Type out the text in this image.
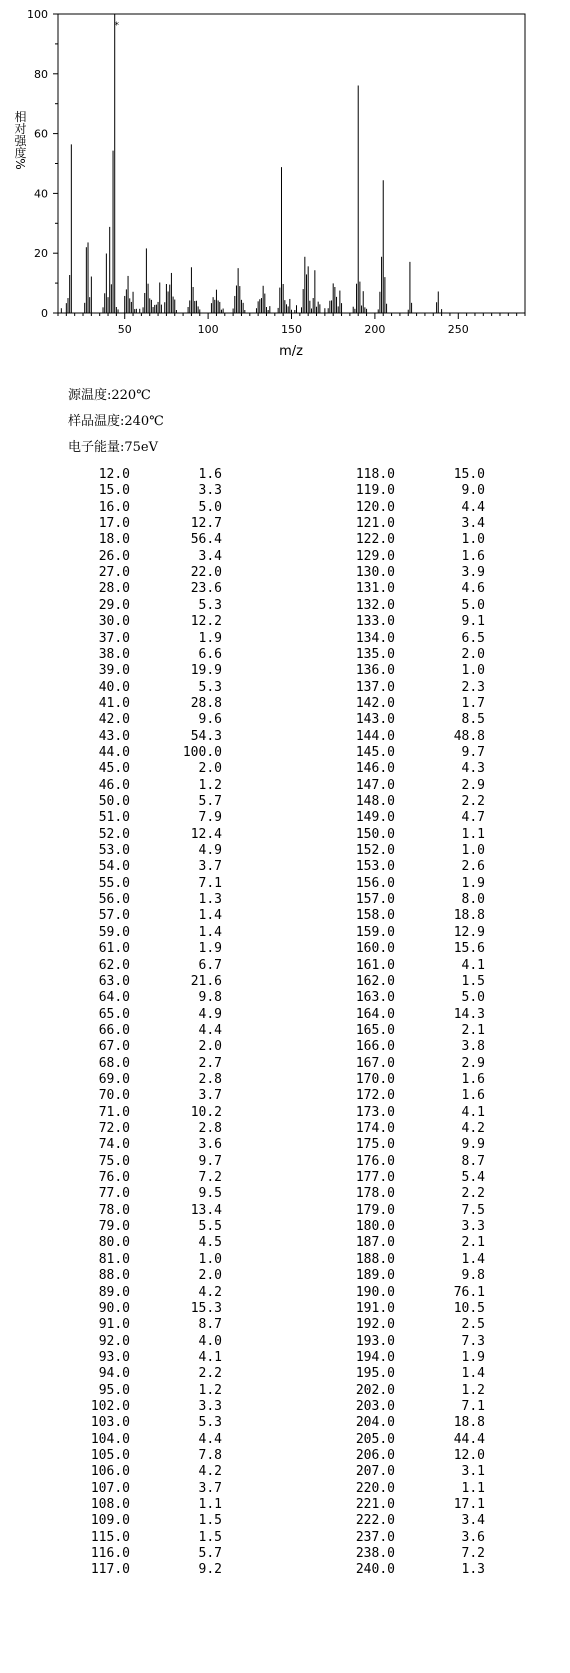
0
20
40
60
80
100
50	100	150	200	250
m/z
相对强度%
*
源温度:220℃
样品温度:240℃
电子能量:75eV
12.0	1.6
15.0	3.3
16.0	5.0
17.0	12.7
18.0	56.4
26.0	3.4
27.0	22.0
28.0	23.6
29.0	5.3
30.0	12.2
37.0	1.9
38.0	6.6
39.0	19.9
40.0	5.3
41.0	28.8
42.0	9.6
43.0	54.3
44.0	100.0
45.0	2.0
46.0	1.2
50.0	5.7
51.0	7.9
52.0	12.4
53.0	4.9
54.0	3.7
55.0	7.1
56.0	1.3
57.0	1.4
59.0	1.4
61.0	1.9
62.0	6.7
63.0	21.6
64.0	9.8
65.0	4.9
66.0	4.4
67.0	2.0
68.0	2.7
69.0	2.8
70.0	3.7
71.0	10.2
72.0	2.8
74.0	3.6
75.0	9.7
76.0	7.2
77.0	9.5
78.0	13.4
79.0	5.5
80.0	4.5
81.0	1.0
88.0	2.0
89.0	4.2
90.0	15.3
91.0	8.7
92.0	4.0
93.0	4.1
94.0	2.2
95.0	1.2
102.0	3.3
103.0	5.3
104.0	4.4
105.0	7.8
106.0	4.2
107.0	3.7
108.0	1.1
109.0	1.5
115.0	1.5
116.0	5.7
117.0	9.2
118.0	15.0
119.0	9.0
120.0	4.4
121.0	3.4
122.0	1.0
129.0	1.6
130.0	3.9
131.0	4.6
132.0	5.0
133.0	9.1
134.0	6.5
135.0	2.0
136.0	1.0
137.0	2.3
142.0	1.7
143.0	8.5
144.0	48.8
145.0	9.7
146.0	4.3
147.0	2.9
148.0	2.2
149.0	4.7
150.0	1.1
152.0	1.0
153.0	2.6
156.0	1.9
157.0	8.0
158.0	18.8
159.0	12.9
160.0	15.6
161.0	4.1
162.0	1.5
163.0	5.0
164.0	14.3
165.0	2.1
166.0	3.8
167.0	2.9
170.0	1.6
172.0	1.6
173.0	4.1
174.0	4.2
175.0	9.9
176.0	8.7
177.0	5.4
178.0	2.2
179.0	7.5
180.0	3.3
187.0	2.1
188.0	1.4
189.0	9.8
190.0	76.1
191.0	10.5
192.0	2.5
193.0	7.3
194.0	1.9
195.0	1.4
202.0	1.2
203.0	7.1
204.0	18.8
205.0	44.4
206.0	12.0
207.0	3.1
220.0	1.1
221.0	17.1
222.0	3.4
237.0	3.6
238.0	7.2
240.0	1.3
